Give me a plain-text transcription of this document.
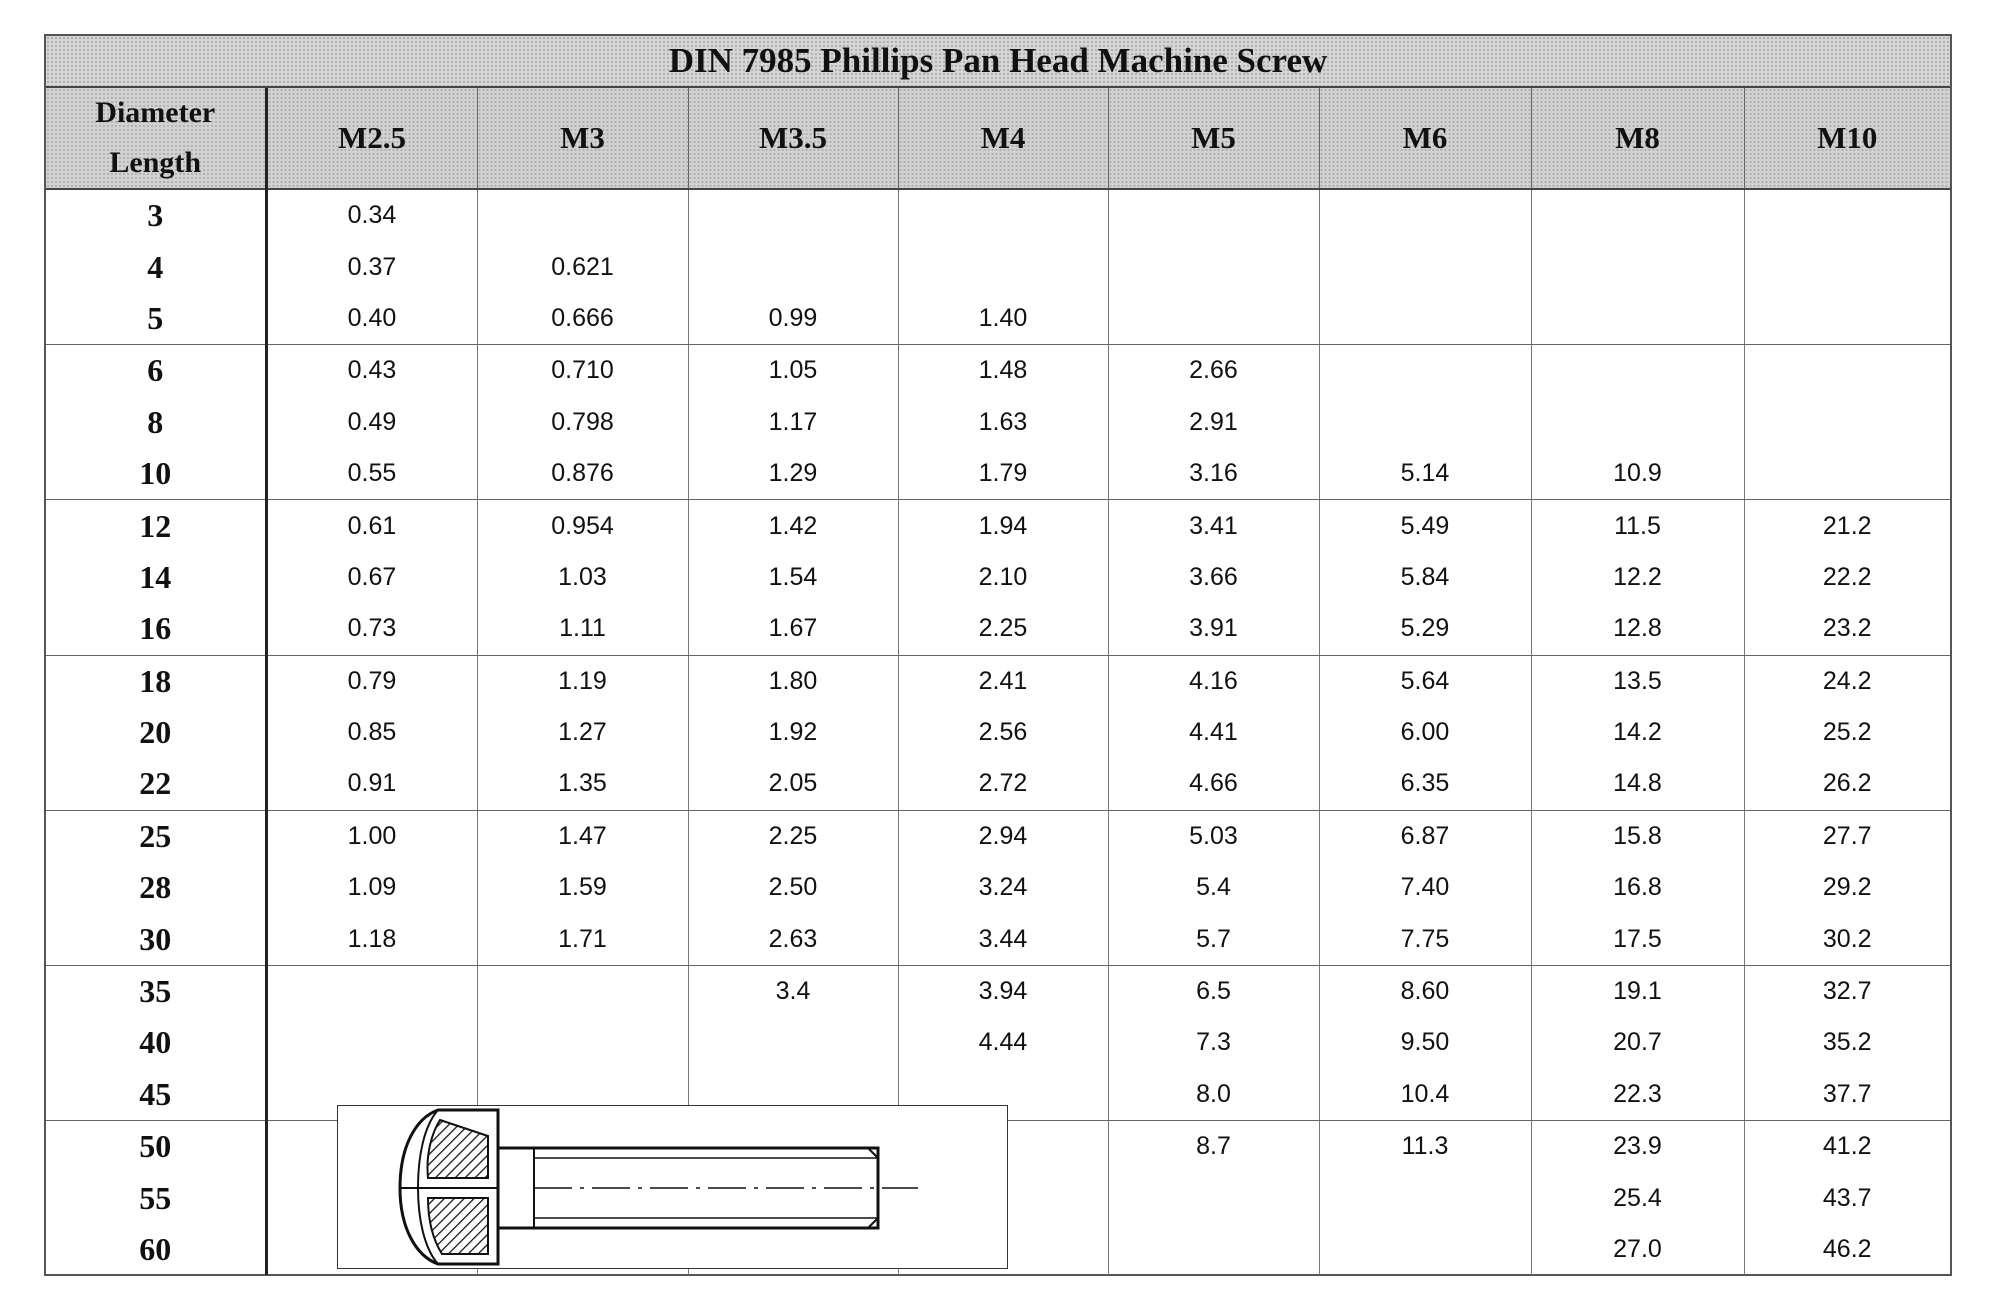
DIN 7985 Phillips Pan Head Machine Screw
Diameter
Length	M2.5	M3	M3.5	M4	M5	M6	M8	M10
3	0.34							
4	0.37	0.621						
5	0.40	0.666	0.99	1.40				
6	0.43	0.710	1.05	1.48	2.66			
8	0.49	0.798	1.17	1.63	2.91			
10	0.55	0.876	1.29	1.79	3.16	5.14	10.9	
12	0.61	0.954	1.42	1.94	3.41	5.49	11.5	21.2
14	0.67	1.03	1.54	2.10	3.66	5.84	12.2	22.2
16	0.73	1.11	1.67	2.25	3.91	5.29	12.8	23.2
18	0.79	1.19	1.80	2.41	4.16	5.64	13.5	24.2
20	0.85	1.27	1.92	2.56	4.41	6.00	14.2	25.2
22	0.91	1.35	2.05	2.72	4.66	6.35	14.8	26.2
25	1.00	1.47	2.25	2.94	5.03	6.87	15.8	27.7
28	1.09	1.59	2.50	3.24	5.4	7.40	16.8	29.2
30	1.18	1.71	2.63	3.44	5.7	7.75	17.5	30.2
35			3.4	3.94	6.5	8.60	19.1	32.7
40				4.44	7.3	9.50	20.7	35.2
45					8.0	10.4	22.3	37.7
50					8.7	11.3	23.9	41.2
55							25.4	43.7
60							27.0	46.2
